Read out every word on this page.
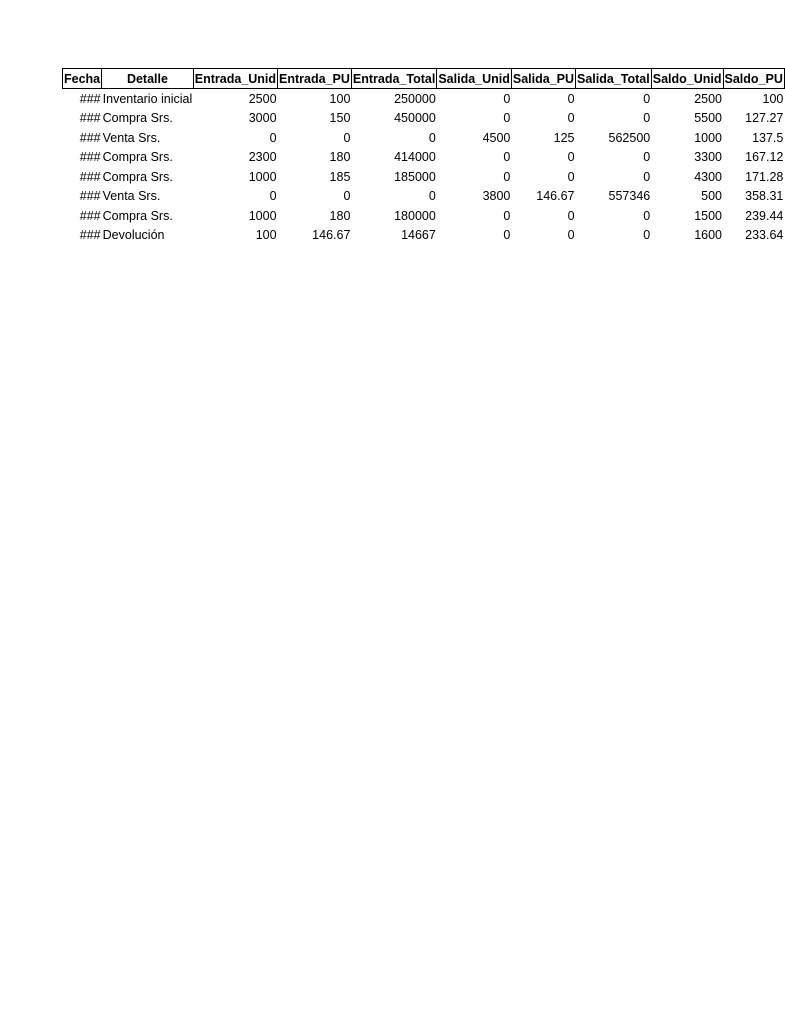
Fecha	Detalle	Entrada_Unid	Entrada_PU	Entrada_Total	Salida_Unid	Salida_PU	Salida_Total	Saldo_Unid	Saldo_PU
###	Inventario inicial	2500	100	250000	0	0	0	2500	100
###	Compra Srs.	3000	150	450000	0	0	0	5500	127.27
###	Venta Srs.	0	0	0	4500	125	562500	1000	137.5
###	Compra Srs.	2300	180	414000	0	0	0	3300	167.12
###	Compra Srs.	1000	185	185000	0	0	0	4300	171.28
###	Venta Srs.	0	0	0	3800	146.67	557346	500	358.31
###	Compra Srs.	1000	180	180000	0	0	0	1500	239.44
###	Devolución	100	146.67	14667	0	0	0	1600	233.64
